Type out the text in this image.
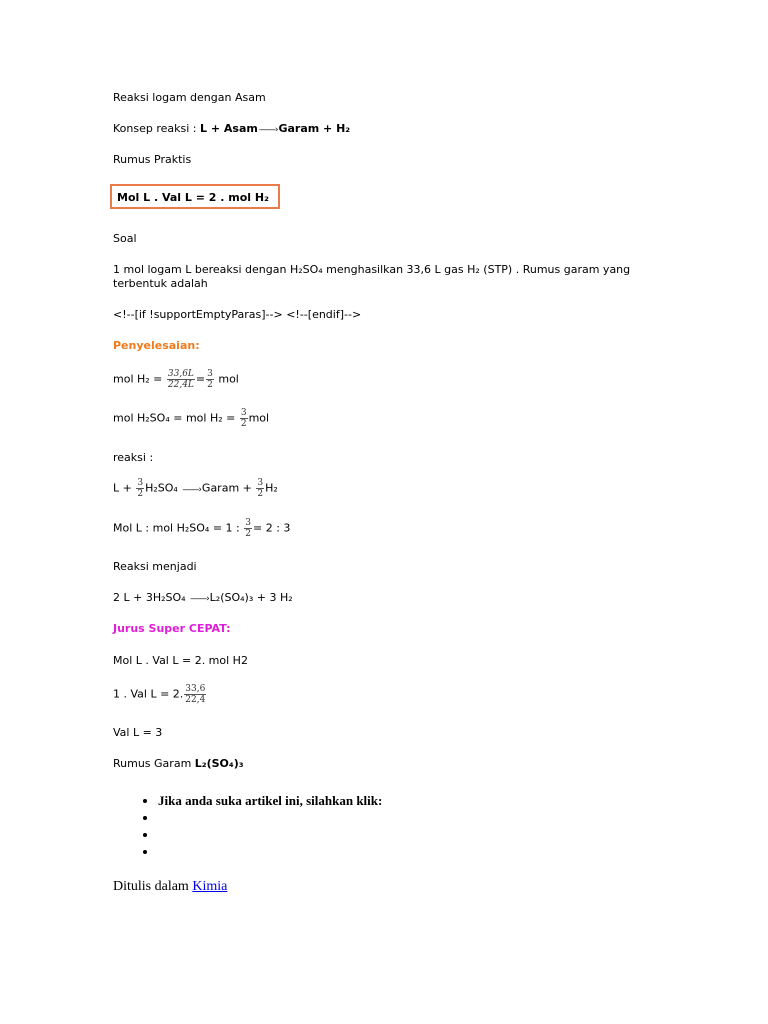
Reaksi logam dengan Asam
Konsep reaksi : L + Asam——›Garam + H₂
Rumus Praktis
Mol L . Val L = 2 . mol H₂
Soal
1 mol logam L bereaksi dengan H₂SO₄ menghasilkan 33,6 L gas H₂ (STP) . Rumus garam yang
terbentuk adalah
<!--[if !supportEmptyParas]--> <!--[endif]-->
Penyelesaian:
mol $H_2 = \frac{33,6L}{22,4L} = \frac{3}{2}$ mol
mol H₂SO₄ = mol $H_2 = \frac{3}{2}$ mol
reaksi :
$L + \frac{3}{2} H_2SO_4$ ——›Garam + $\frac{3}{2} H_2$
Mol L : mol H₂SO₄ = 1 : $\frac{3}{2} = 2$ : 3
Reaksi menjadi
2 L + 3H₂SO₄ ——›L₂(SO₄)₃ + 3 H₂
Jurus Super CEPAT:
Mol L . Val L = 2. mol H2
1 . Val L = 2. $\frac{33,6}{22,4}$
Val L = 3
Rumus Garam L₂(SO₄)₃
• Jika anda suka artikel ini, silahkan klik:
•
•
•
Ditulis dalam Kimia
